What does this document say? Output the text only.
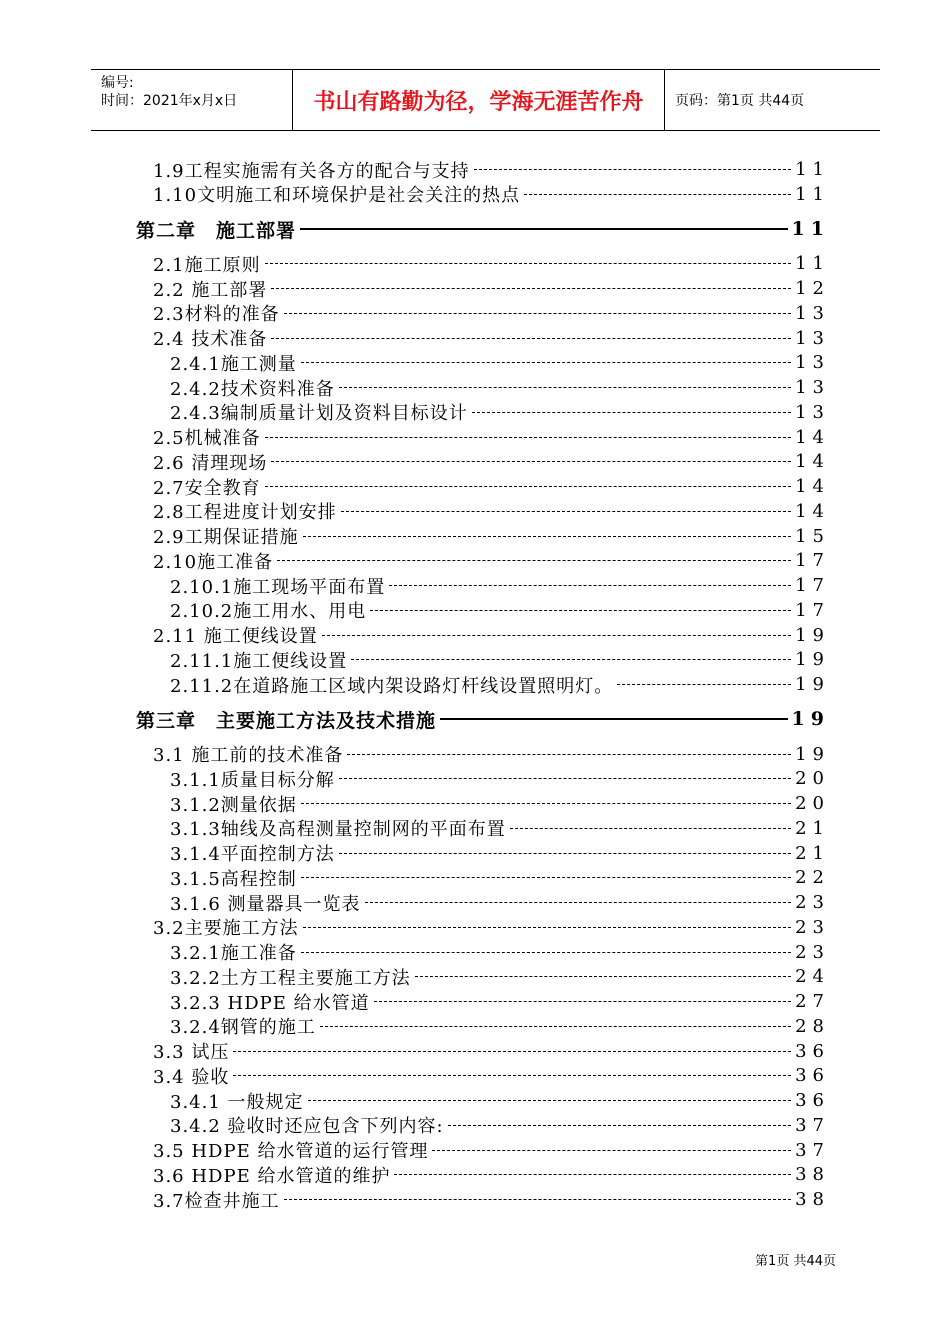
编号:
时间：2021年x月x日	书山有路勤为径，学海无涯苦作舟 页码：第1页 共44页
1.9工程实施需有关各方的配合与支持	11
1.10文明施工和环境保护是社会关注的热点	11
第二章　施工部署	11
2.1施工原则	11
2.2 施工部署	12
2.3材料的准备	13
2.4 技术准备	13
2.4.1施工测量	13
2.4.2技术资料准备	13
2.4.3编制质量计划及资料目标设计	13
2.5机械准备	14
2.6 清理现场	14
2.7安全教育	14
2.8工程进度计划安排	14
2.9工期保证措施	15
2.10施工准备	17
2.10.1施工现场平面布置	17
2.10.2施工用水、用电	17
2.11 施工便线设置	19
2.11.1施工便线设置	19
2.11.2在道路施工区域内架设路灯杆线设置照明灯。	19
第三章　主要施工方法及技术措施	19
3.1 施工前的技术准备	19
3.1.1质量目标分解	20
3.1.2测量依据	20
3.1.3轴线及高程测量控制网的平面布置	21
3.1.4平面控制方法	21
3.1.5高程控制	22
3.1.6 测量器具一览表	23
3.2主要施工方法	23
3.2.1施工准备	23
3.2.2土方工程主要施工方法	24
3.2.3 HDPE 给水管道	27
3.2.4钢管的施工	28
3.3 试压	36
3.4 验收	36
3.4.1 一般规定	36
3.4.2 验收时还应包含下列内容:	37
3.5 HDPE 给水管道的运行管理	37
3.6 HDPE 给水管道的维护	38
3.7检查井施工	38
第1页 共44页
